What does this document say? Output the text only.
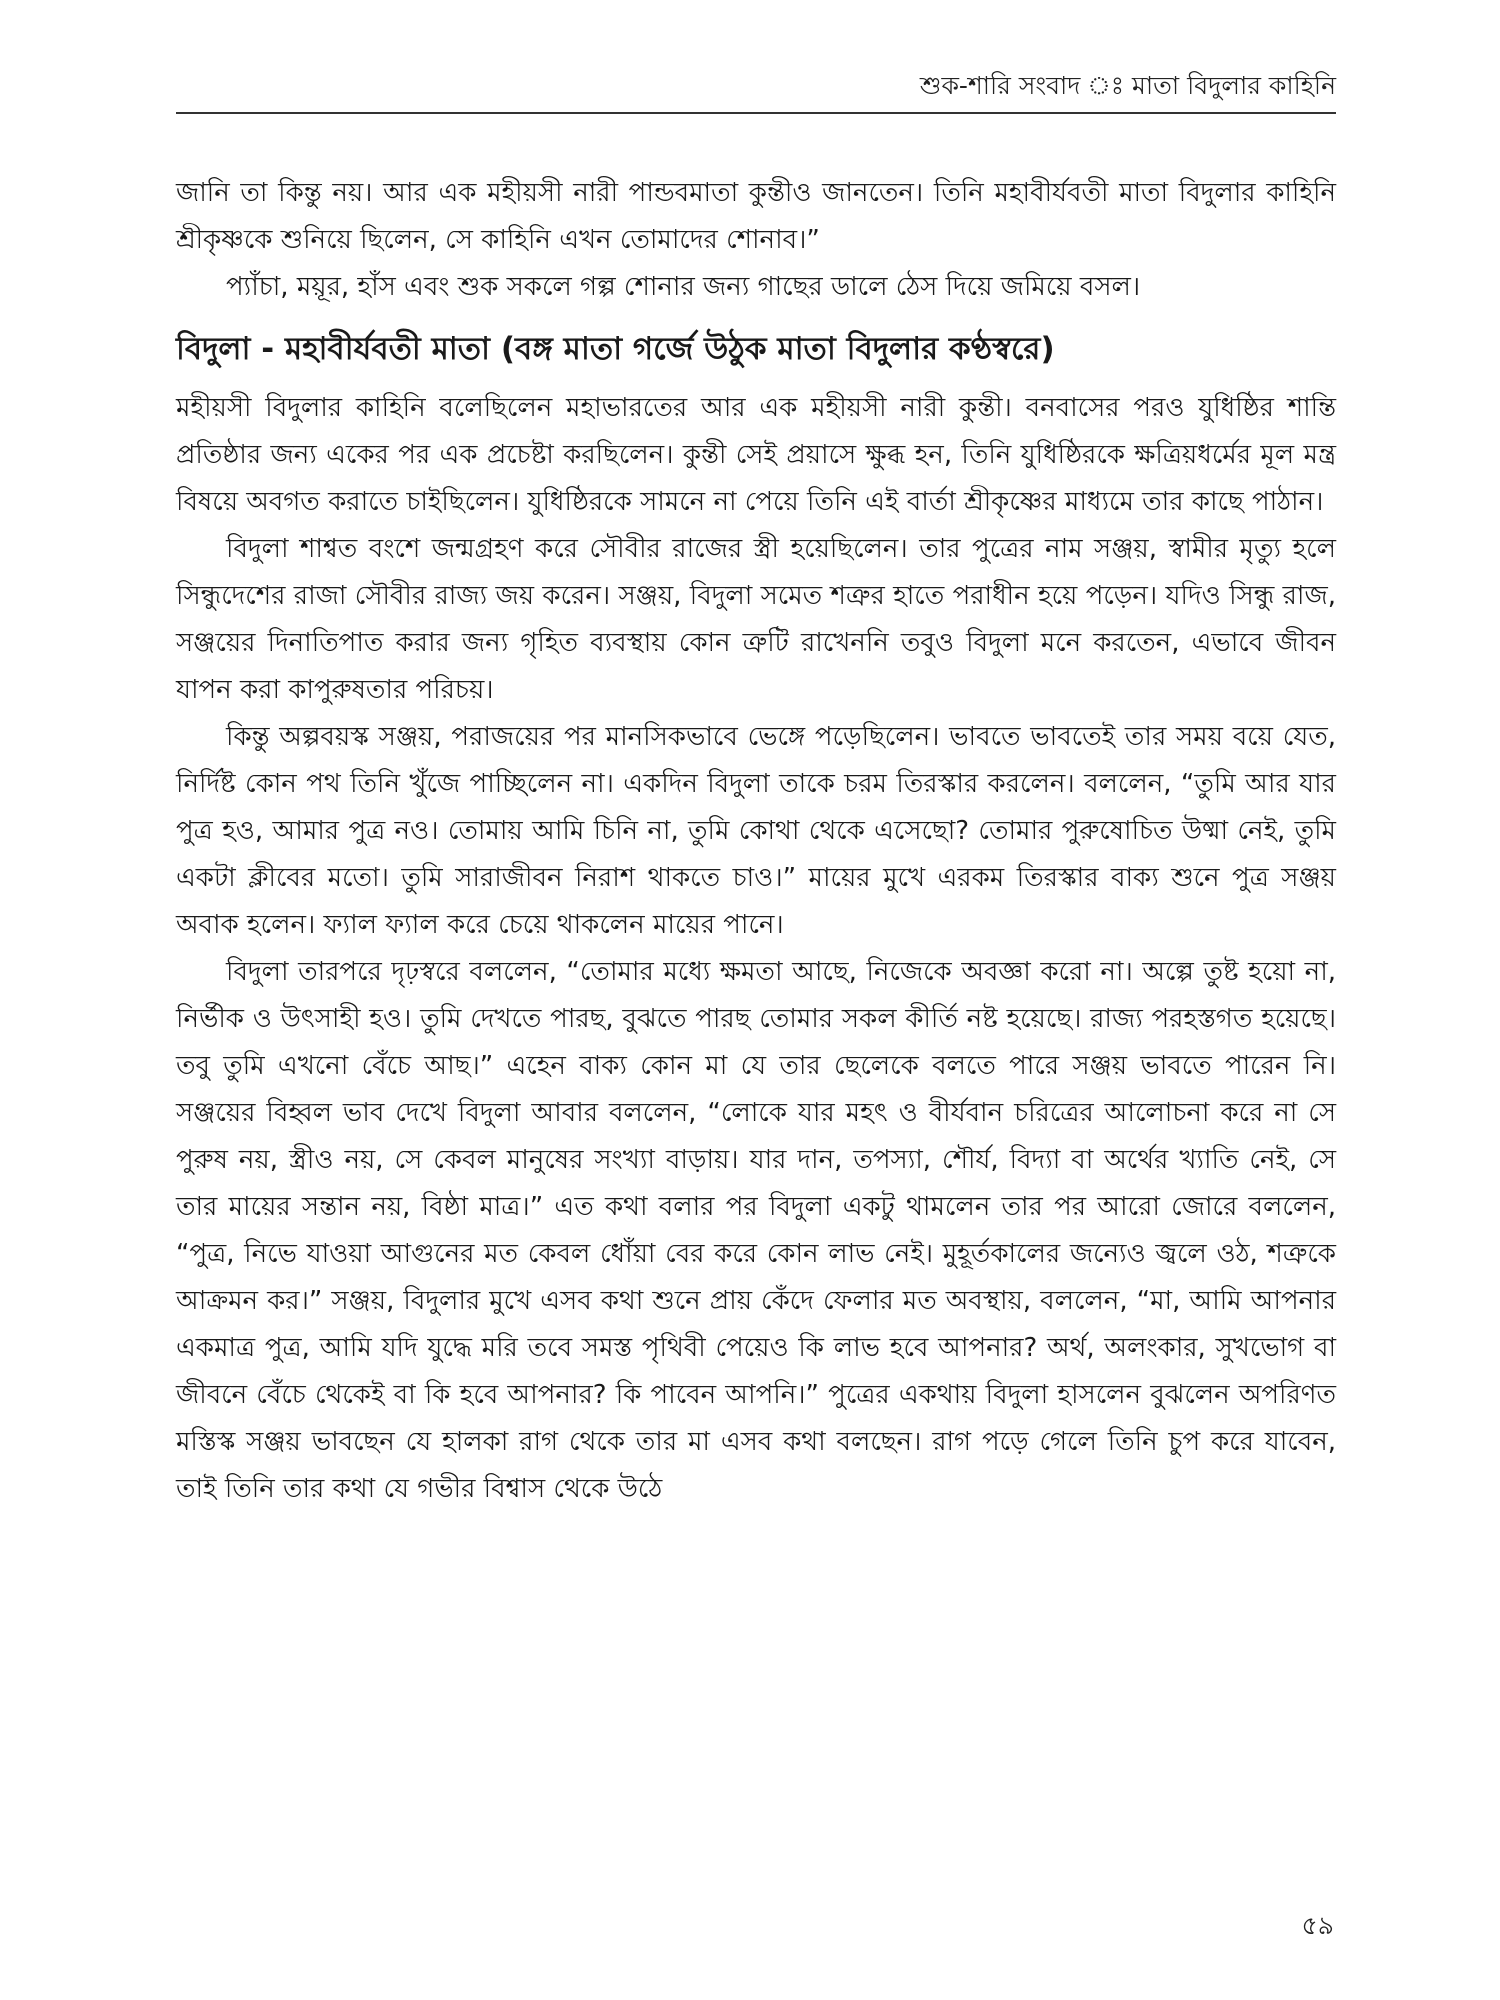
শুক-শারি সংবাদ ঃ মাতা বিদুলার কাহিনি

জানি তা কিন্তু নয়। আর এক মহীয়সী নারী পান্ডবমাতা কুন্তীও জানতেন। তিনি মহাবীর্যবতী মাতা বিদুলার কাহিনি শ্রীকৃষ্ণকে শুনিয়ে ছিলেন, সে কাহিনি এখন তোমাদের শোনাব।”

প্যাঁচা, ময়ূর, হাঁস এবং শুক সকলে গল্প শোনার জন্য গাছের ডালে ঠেস দিয়ে জমিয়ে বসল।

বিদুলা - মহাবীর্যবতী মাতা (বঙ্গ মাতা গর্জে উঠুক মাতা বিদুলার কণ্ঠস্বরে)

মহীয়সী বিদুলার কাহিনি বলেছিলেন মহাভারতের আর এক মহীয়সী নারী কুন্তী। বনবাসের পরও যুধিষ্ঠির শান্তি প্রতিষ্ঠার জন্য একের পর এক প্রচেষ্টা করছিলেন। কুন্তী সেই প্রয়াসে ক্ষুব্ধ হন, তিনি যুধিষ্ঠিরকে ক্ষত্রিয়ধর্মের মূল মন্ত্র বিষয়ে অবগত করাতে চাইছিলেন। যুধিষ্ঠিরকে সামনে না পেয়ে তিনি এই বার্তা শ্রীকৃষ্ণের মাধ্যমে তার কাছে পাঠান।

বিদুলা শাশ্বত বংশে জন্মগ্রহণ করে সৌবীর রাজের স্ত্রী হয়েছিলেন। তার পুত্রের নাম সঞ্জয়, স্বামীর মৃত্যু হলে সিন্ধুদেশের রাজা সৌবীর রাজ্য জয় করেন। সঞ্জয়, বিদুলা সমেত শত্রুর হাতে পরাধীন হয়ে পড়েন। যদিও সিন্ধু রাজ, সঞ্জয়ের দিনাতিপাত করার জন্য গৃহিত ব্যবস্থায় কোন ত্রুটি রাখেননি তবুও বিদুলা মনে করতেন, এভাবে জীবন যাপন করা কাপুরুষতার পরিচয়।

কিন্তু অল্পবয়স্ক সঞ্জয়, পরাজয়ের পর মানসিকভাবে ভেঙ্গে পড়েছিলেন। ভাবতে ভাবতেই তার সময় বয়ে যেত, নির্দিষ্ট কোন পথ তিনি খুঁজে পাচ্ছিলেন না। একদিন বিদুলা তাকে চরম তিরস্কার করলেন। বললেন, “তুমি আর যার পুত্র হও, আমার পুত্র নও। তোমায় আমি চিনি না, তুমি কোথা থেকে এসেছো? তোমার পুরুষোচিত উষ্মা নেই, তুমি একটা ক্লীবের মতো। তুমি সারাজীবন নিরাশ থাকতে চাও।” মায়ের মুখে এরকম তিরস্কার বাক্য শুনে পুত্র সঞ্জয় অবাক হলেন। ফ্যাল ফ্যাল করে চেয়ে থাকলেন মায়ের পানে।

বিদুলা তারপরে দৃঢ়স্বরে বললেন, “তোমার মধ্যে ক্ষমতা আছে, নিজেকে অবজ্ঞা করো না। অল্পে তুষ্ট হয়ো না, নির্ভীক ও উৎসাহী হও। তুমি দেখতে পারছ, বুঝতে পারছ তোমার সকল কীর্তি নষ্ট হয়েছে। রাজ্য পরহস্তগত হয়েছে। তবু তুমি এখনো বেঁচে আছ।” এহেন বাক্য কোন মা যে তার ছেলেকে বলতে পারে সঞ্জয় ভাবতে পারেন নি। সঞ্জয়ের বিহ্বল ভাব দেখে বিদুলা আবার বললেন, “লোকে যার মহৎ ও বীর্যবান চরিত্রের আলোচনা করে না সে পুরুষ নয়, স্ত্রীও নয়, সে কেবল মানুষের সংখ্যা বাড়ায়। যার দান, তপস্যা, শৌর্য, বিদ্যা বা অর্থের খ্যাতি নেই, সে তার মায়ের সন্তান নয়, বিষ্ঠা মাত্র।” এত কথা বলার পর বিদুলা একটু থামলেন তার পর আরো জোরে বললেন, “পুত্র, নিভে যাওয়া আগুনের মত কেবল ধোঁয়া বের করে কোন লাভ নেই। মুহূর্তকালের জন্যেও জ্বলে ওঠ, শত্রুকে আক্রমন কর।” সঞ্জয়, বিদুলার মুখে এসব কথা শুনে প্রায় কেঁদে ফেলার মত অবস্থায়, বললেন, “মা, আমি আপনার একমাত্র পুত্র, আমি যদি যুদ্ধে মরি তবে সমস্ত পৃথিবী পেয়েও কি লাভ হবে আপনার? অর্থ, অলংকার, সুখভোগ বা জীবনে বেঁচে থেকেই বা কি হবে আপনার? কি পাবেন আপনি।” পুত্রের একথায় বিদুলা হাসলেন বুঝলেন অপরিণত মস্তিস্ক সঞ্জয় ভাবছেন যে হালকা রাগ থেকে তার মা এসব কথা বলছেন। রাগ পড়ে গেলে তিনি চুপ করে যাবেন, তাই তিনি তার কথা যে গভীর বিশ্বাস থেকে উঠে

৫৯
